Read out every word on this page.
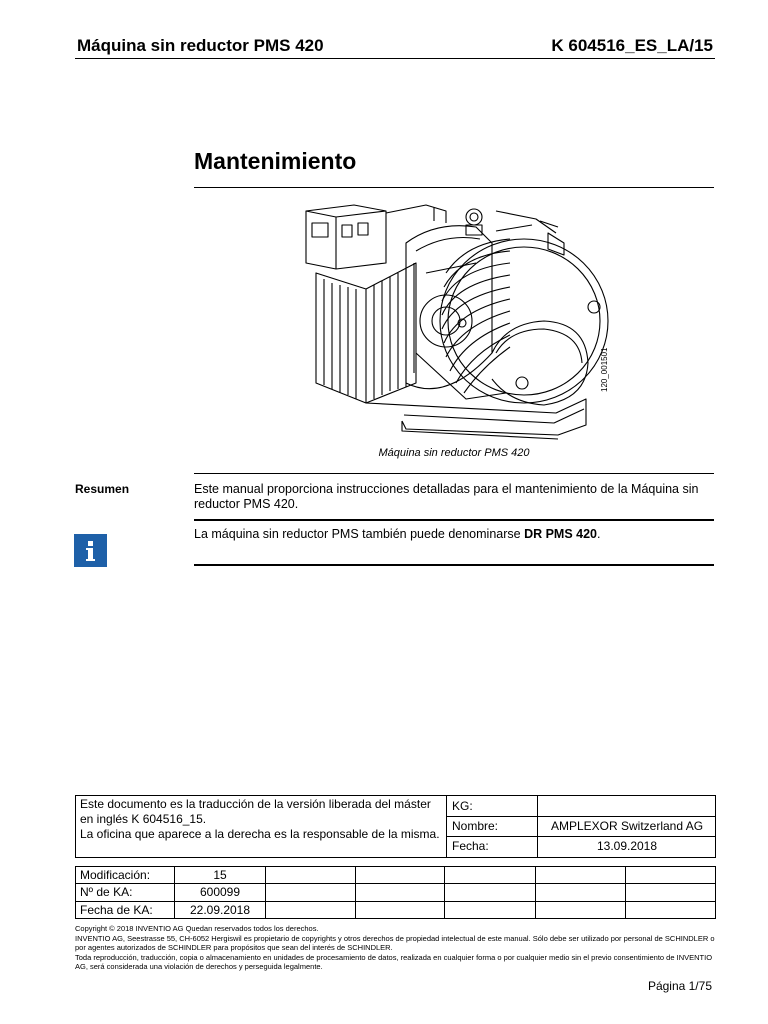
Máquina sin reductor PMS 420	K 604516_ES_LA/15
Mantenimiento
120_001501
Máquina sin reductor PMS 420
Resumen	Este manual proporciona instrucciones detalladas para el mantenimiento de la Máquina sin reductor PMS 420.
La máquina sin reductor PMS también puede denominarse DR PMS 420.
Este documento es la traducción de la versión liberada del máster en inglés K 604516_15.
La oficina que aparece a la derecha es la responsable de la misma.
KG:
Nombre:	AMPLEXOR Switzerland AG
Fecha:	13.09.2018
Modificación:	15					
Nº de KA:	600099					
Fecha de KA:	22.09.2018					
Copyright © 2018 INVENTIO AG Quedan reservados todos los derechos.
INVENTIO AG, Seestrasse 55, CH-6052 Hergiswil es propietario de copyrights y otros derechos de propiedad intelectual de este manual. Sólo debe ser utilizado por personal de SCHINDLER o por agentes autorizados de SCHINDLER para propósitos que sean del interés de SCHINDLER.
Toda reproducción, traducción, copia o almacenamiento en unidades de procesamiento de datos, realizada en cualquier forma o por cualquier medio sin el previo consentimiento de INVENTIO AG, será considerada una violación de derechos y perseguida legalmente.
Página 1/75
